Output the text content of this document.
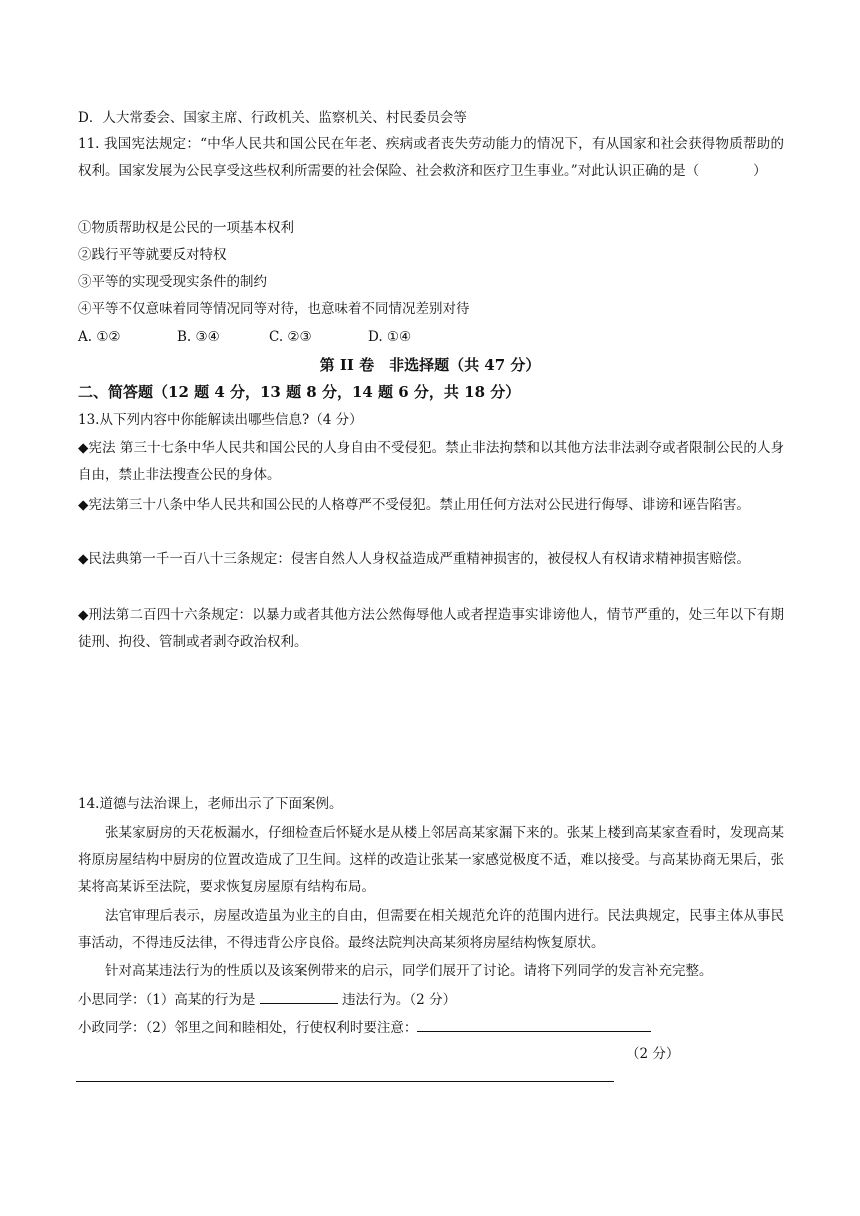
D．人大常委会、国家主席、行政机关、监察机关、村民委员会等
11. 我国宪法规定：“中华人民共和国公民在年老、疾病或者丧失劳动能力的情况下，有从国家和社会获得物质帮助的权利。国家发展为公民享受这些权利所需要的社会保险、社会救济和医疗卫生事业。”对此认识正确的是（　　　　）
①物质帮助权是公民的一项基本权利
②践行平等就要反对特权
③平等的实现受现实条件的制约
④平等不仅意味着同等情况同等对待，也意味着不同情况差别对待
A. ①②	B. ③④	C. ②③	D. ①④
第 II 卷　非选择题（共 47 分）
二、简答题（12 题 4 分，13 题 8 分，14 题 6 分，共 18 分）
13.从下列内容中你能解读出哪些信息?（4 分）
◆宪法 第三十七条中华人民共和国公民的人身自由不受侵犯。禁止非法拘禁和以其他方法非法剥夺或者限制公民的人身自由，禁止非法搜查公民的身体。
◆宪法第三十八条中华人民共和国公民的人格尊严不受侵犯。禁止用任何方法对公民进行侮辱、诽谤和诬告陷害。
◆民法典第一千一百八十三条规定：侵害自然人人身权益造成严重精神损害的，被侵权人有权请求精神损害赔偿。
◆刑法第二百四十六条规定：以暴力或者其他方法公然侮辱他人或者捏造事实诽谤他人，情节严重的，处三年以下有期徒刑、拘役、管制或者剥夺政治权利。
14.道德与法治课上，老师出示了下面案例。
张某家厨房的天花板漏水，仔细检查后怀疑水是从楼上邻居高某家漏下来的。张某上楼到高某家查看时，发现高某将原房屋结构中厨房的位置改造成了卫生间。这样的改造让张某一家感觉极度不适，难以接受。与高某协商无果后，张某将高某诉至法院，要求恢复房屋原有结构布局。
法官审理后表示，房屋改造虽为业主的自由，但需要在相关规范允许的范围内进行。民法典规定，民事主体从事民事活动，不得违反法律，不得违背公序良俗。最终法院判决高某须将房屋结构恢复原状。
针对高某违法行为的性质以及该案例带来的启示，同学们展开了讨论。请将下列同学的发言补充完整。
小思同学：（1）高某的行为是	违法行为。（2 分）
小政同学：（2）邻里之间和睦相处，行使权利时要注意：
（2 分）
